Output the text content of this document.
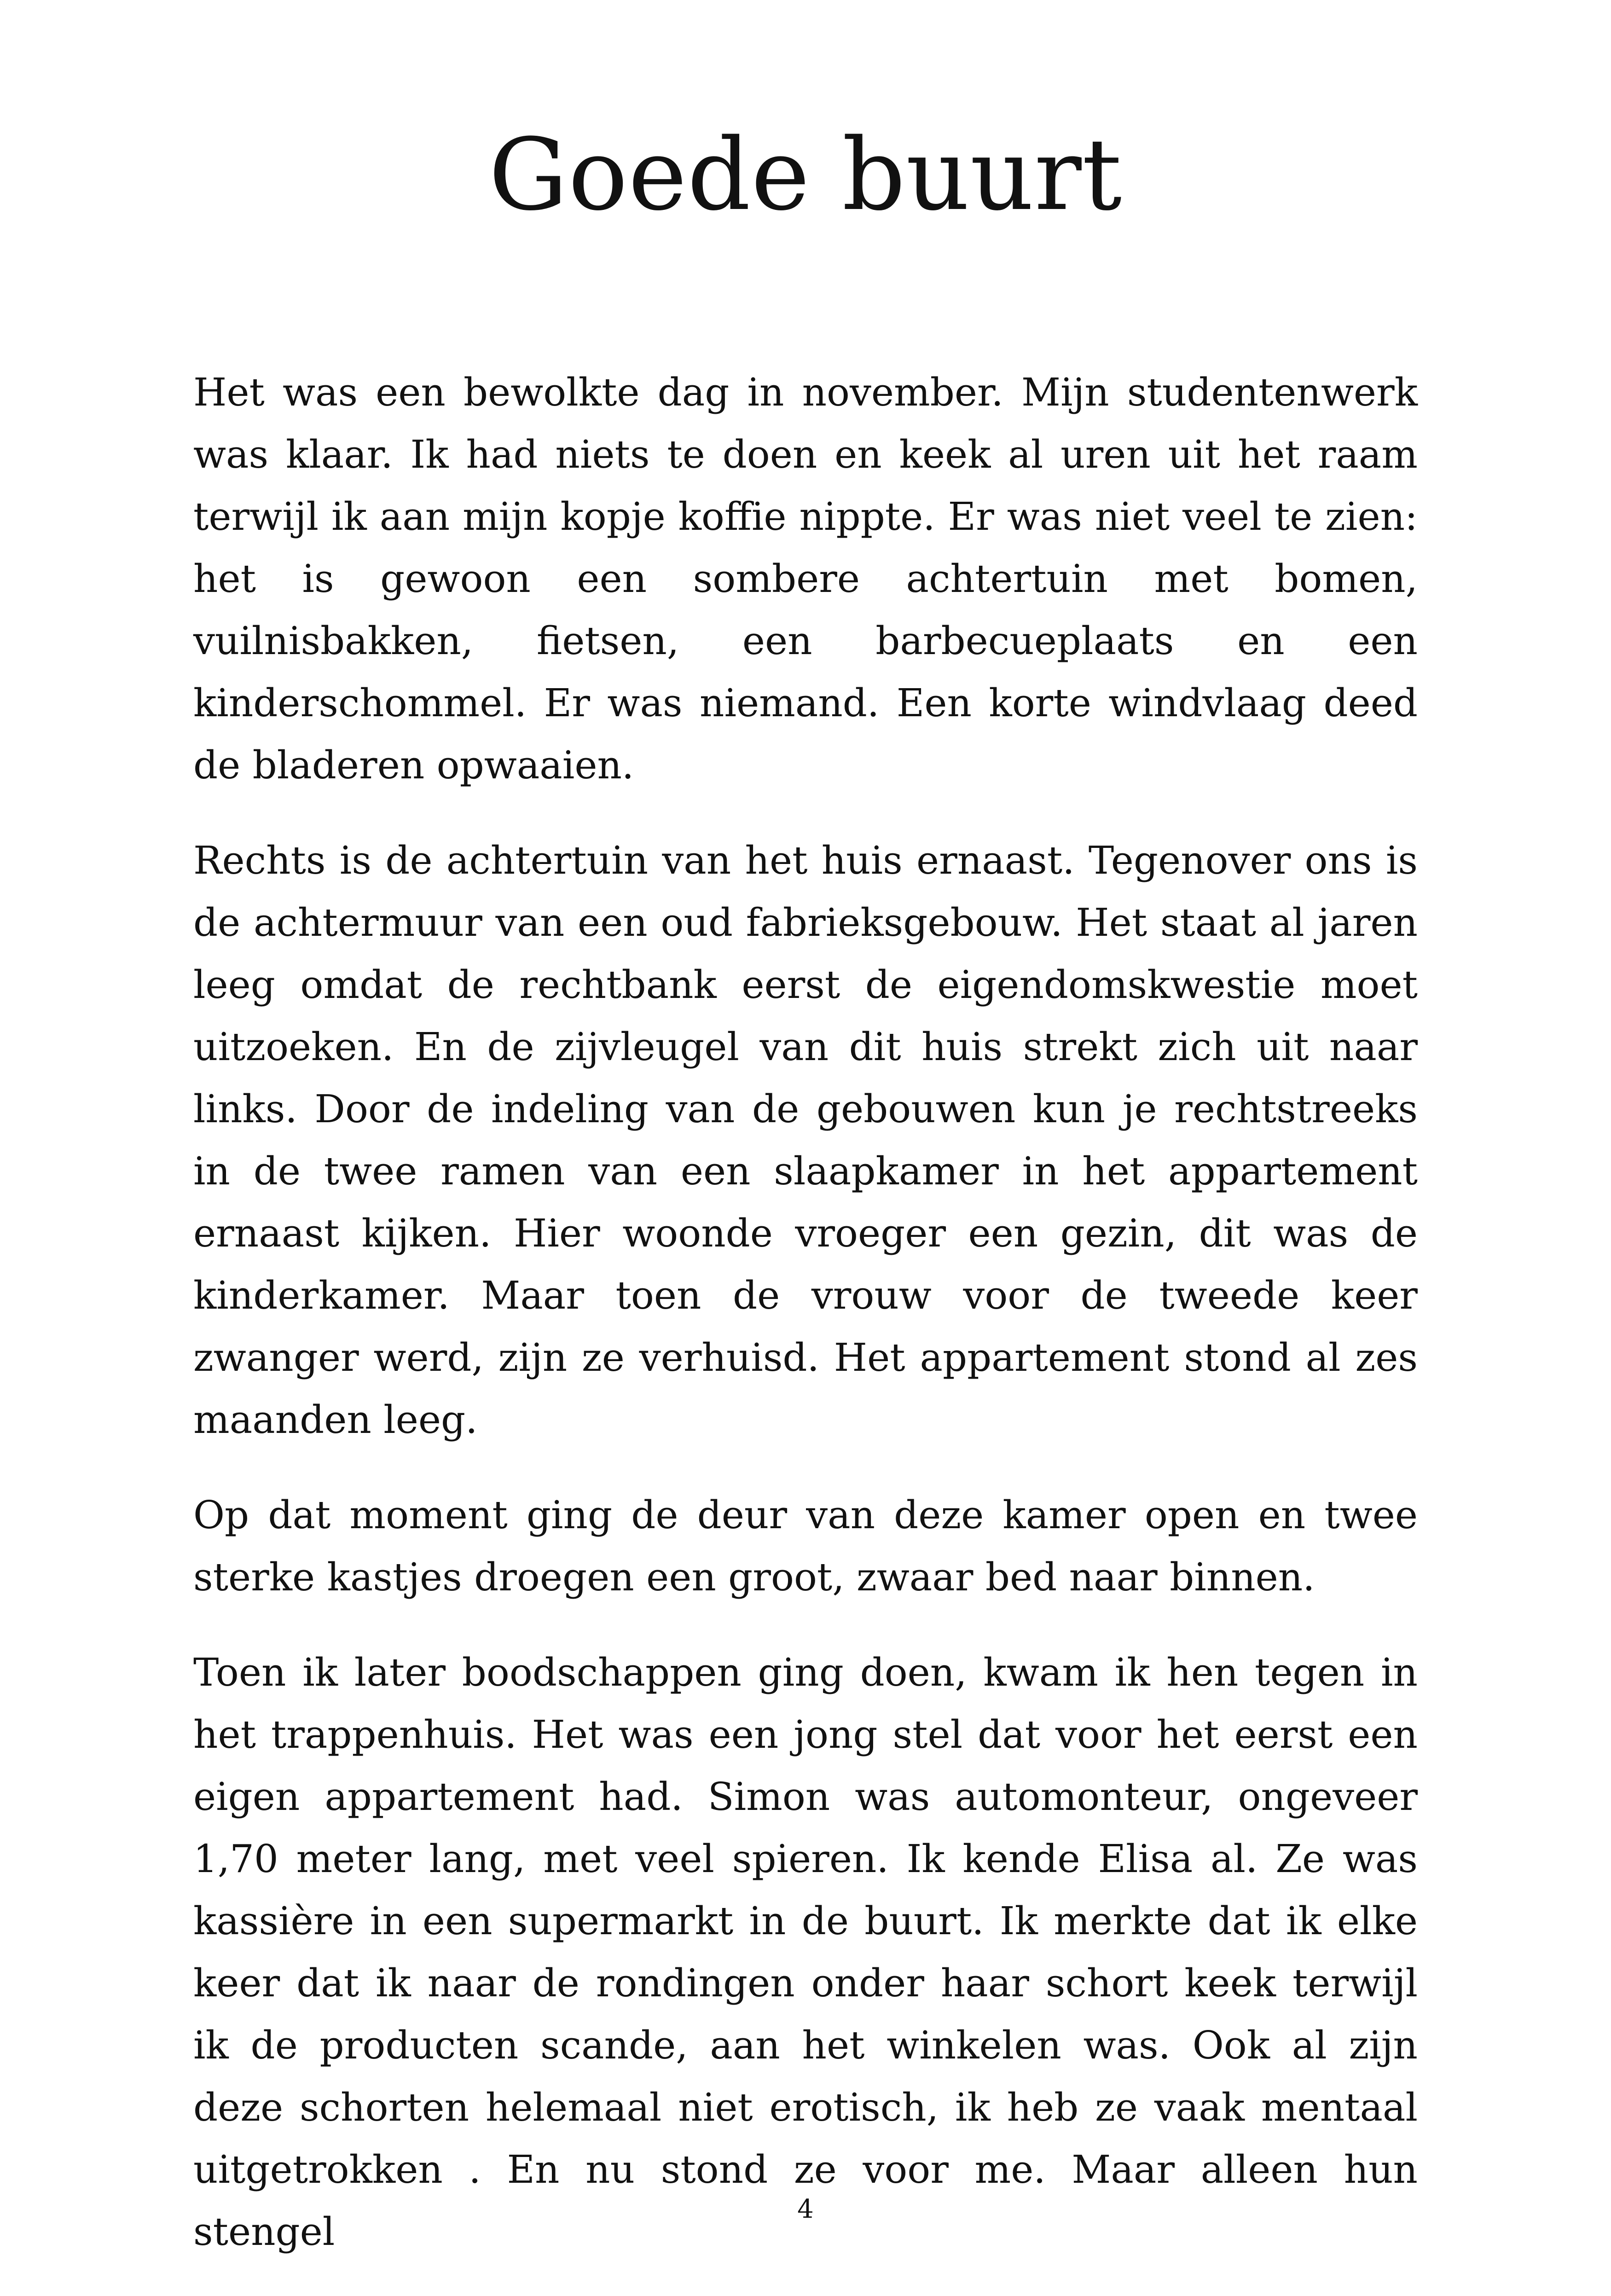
Goede buurt

Het was een bewolkte dag in november. Mijn studentenwerk was klaar. Ik had niets te doen en keek al uren uit het raam terwijl ik aan mijn kopje koffie nippte. Er was niet veel te zien: het is gewoon een sombere achtertuin met bomen, vuilnisbakken, fietsen, een barbecueplaats en een kinderschommel. Er was niemand. Een korte windvlaag deed de bladeren opwaaien.

Rechts is de achtertuin van het huis ernaast. Tegenover ons is de achtermuur van een oud fabrieksgebouw. Het staat al jaren leeg omdat de rechtbank eerst de eigendomskwestie moet uitzoeken. En de zijvleugel van dit huis strekt zich uit naar links. Door de indeling van de gebouwen kun je rechtstreeks in de twee ramen van een slaapkamer in het appartement ernaast kijken. Hier woonde vroeger een gezin, dit was de kinderkamer. Maar toen de vrouw voor de tweede keer zwanger werd, zijn ze verhuisd. Het appartement stond al zes maanden leeg.

Op dat moment ging de deur van deze kamer open en twee sterke kastjes droegen een groot, zwaar bed naar binnen.

Toen ik later boodschappen ging doen, kwam ik hen tegen in het trappenhuis. Het was een jong stel dat voor het eerst een eigen appartement had. Simon was automonteur, ongeveer 1,70 meter lang, met veel spieren. Ik kende Elisa al. Ze was kassière in een supermarkt in de buurt. Ik merkte dat ik elke keer dat ik naar de rondingen onder haar schort keek terwijl ik de producten scande, aan het winkelen was. Ook al zijn deze schorten helemaal niet erotisch, ik heb ze vaak mentaal uitgetrokken . En nu stond ze voor me. Maar alleen hun stengel

4
